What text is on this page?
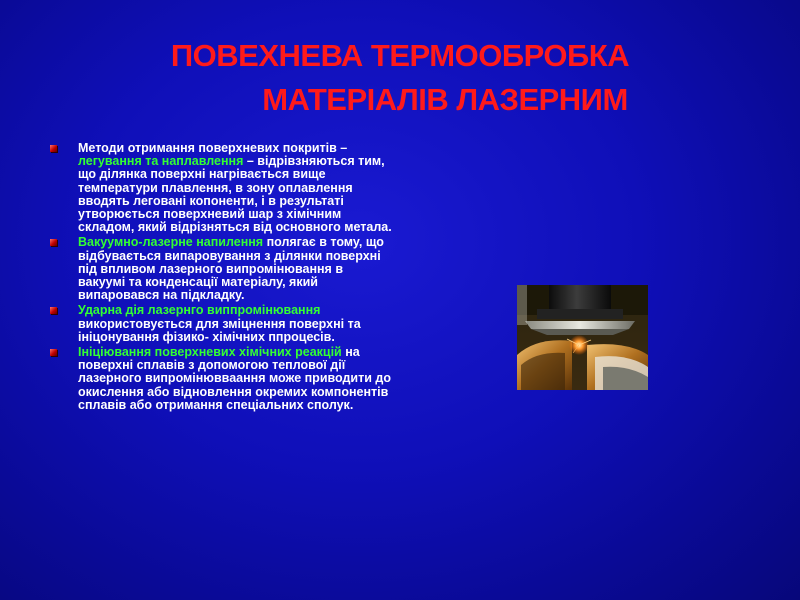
ПОВЕХНЕВА ТЕРМООБРОБКА
МАТЕРІАЛІВ ЛАЗЕРНИМ
Методи отримання поверхневих покритів –
легування та наплавлення – відрівзняються тим, що ділянка поверхні нагрівається вище температури плавлення, в зону оплавлення вводять леговані копоненти, і в результаті утворюється поверхневий шар з хімічним складом, який відрізняться від основного метала.
Вакуумно-лазерне напилення полягає в тому, що відбувається випаровування з ділянки поверхні під впливом лазерного випромінювання в вакуумі та конденсації матеріалу, який випаровався на підкладку.
Ударна дія лазернго виппромінювання використовується для зміцнення поверхні та ініцонування фізико- хімічних ппроцесів.
Ініціювання поверхневих хімічних реакцій на поверхні сплавів з допомогою теплової дії лазерного випромінювваання може приводити до окислення або відновлення окремих компонентів сплавів або отримання спеціальних сполук.
